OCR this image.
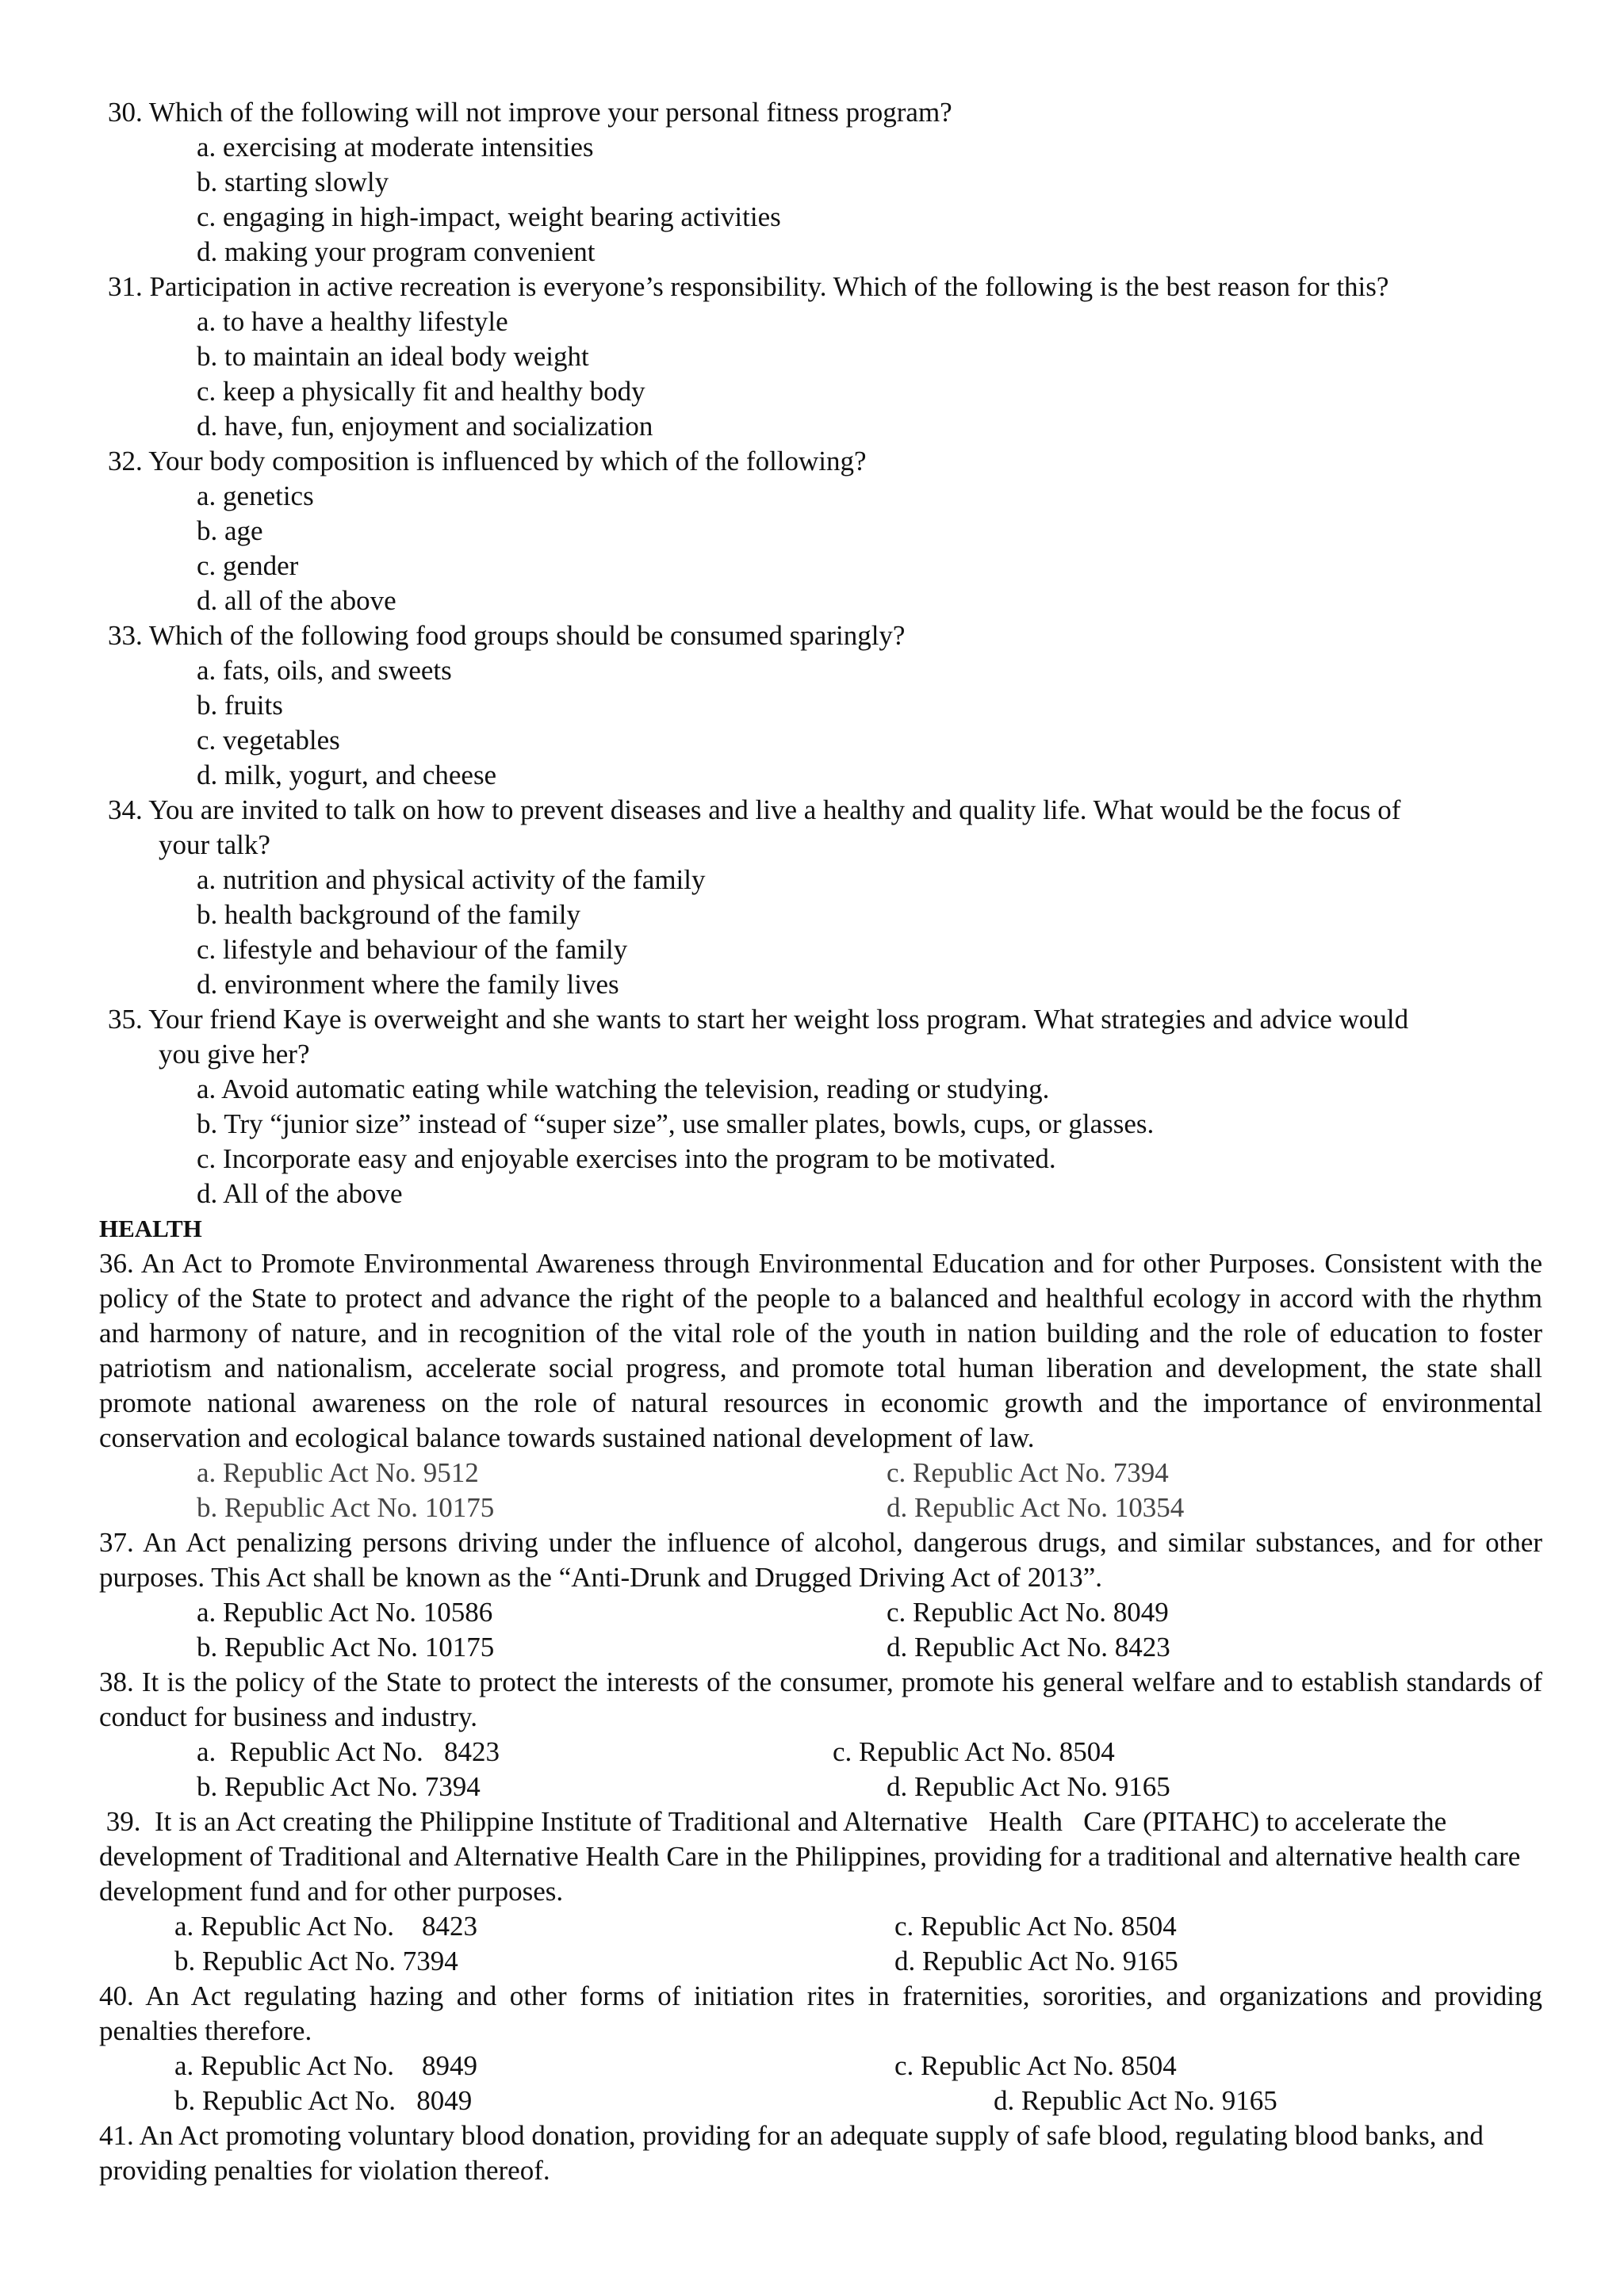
30. Which of the following will not improve your personal fitness program?
a. exercising at moderate intensities
b. starting slowly
c. engaging in high-impact, weight bearing activities
d. making your program convenient
31. Participation in active recreation is everyone’s responsibility. Which of the following is the best reason for this?
a. to have a healthy lifestyle
b. to maintain an ideal body weight
c. keep a physically fit and healthy body
d. have, fun, enjoyment and socialization
32. Your body composition is influenced by which of the following?
a. genetics
b. age
c. gender
d. all of the above
33. Which of the following food groups should be consumed sparingly?
a. fats, oils, and sweets
b. fruits
c. vegetables
d. milk, yogurt, and cheese
34. You are invited to talk on how to prevent diseases and live a healthy and quality life. What would be the focus of
your talk?
a. nutrition and physical activity of the family
b. health background of the family
c. lifestyle and behaviour of the family
d. environment where the family lives
35. Your friend Kaye is overweight and she wants to start her weight loss program. What strategies and advice would
you give her?
a. Avoid automatic eating while watching the television, reading or studying.
b. Try “junior size” instead of “super size”, use smaller plates, bowls, cups, or glasses.
c. Incorporate easy and enjoyable exercises into the program to be motivated.
d. All of the above
HEALTH
36. An Act to Promote Environmental Awareness through Environmental Education and for other Purposes. Consistent with the policy of the State to protect and advance the right of the people to a balanced and healthful ecology in accord with the rhythm and harmony of nature, and in recognition of the vital role of the youth in nation building and the role of education to foster patriotism and nationalism, accelerate social progress, and promote total human liberation and development, the state shall promote national awareness on the role of natural resources in economic growth and the importance of environmental conservation and ecological balance towards sustained national development of law.
a. Republic Act No. 9512	c. Republic Act No. 7394
b. Republic Act No. 10175	d. Republic Act No. 10354
37. An Act penalizing persons driving under the influence of alcohol, dangerous drugs, and similar substances, and for other purposes. This Act shall be known as the “Anti-Drunk and Drugged Driving Act of 2013”.
a. Republic Act No. 10586	c. Republic Act No. 8049
b. Republic Act No. 10175	d. Republic Act No. 8423
38. It is the policy of the State to protect the interests of the consumer, promote his general welfare and to establish standards of conduct for business and industry.
a.  Republic Act No.   8423	c. Republic Act No. 8504
b. Republic Act No. 7394	d. Republic Act No. 9165
39.  It is an Act creating the Philippine Institute of Traditional and Alternative   Health   Care (PITAHC) to accelerate the development of Traditional and Alternative Health Care in the Philippines, providing for a traditional and alternative health care development fund and for other purposes.
a. Republic Act No.    8423	c. Republic Act No. 8504
b. Republic Act No. 7394	d. Republic Act No. 9165
40. An Act regulating hazing and other forms of initiation rites in fraternities, sororities, and organizations and providing penalties therefore.
a. Republic Act No.    8949	c. Republic Act No. 8504
b. Republic Act No.   8049	d. Republic Act No. 9165
41. An Act promoting voluntary blood donation, providing for an adequate supply of safe blood, regulating blood banks, and providing penalties for violation thereof.
